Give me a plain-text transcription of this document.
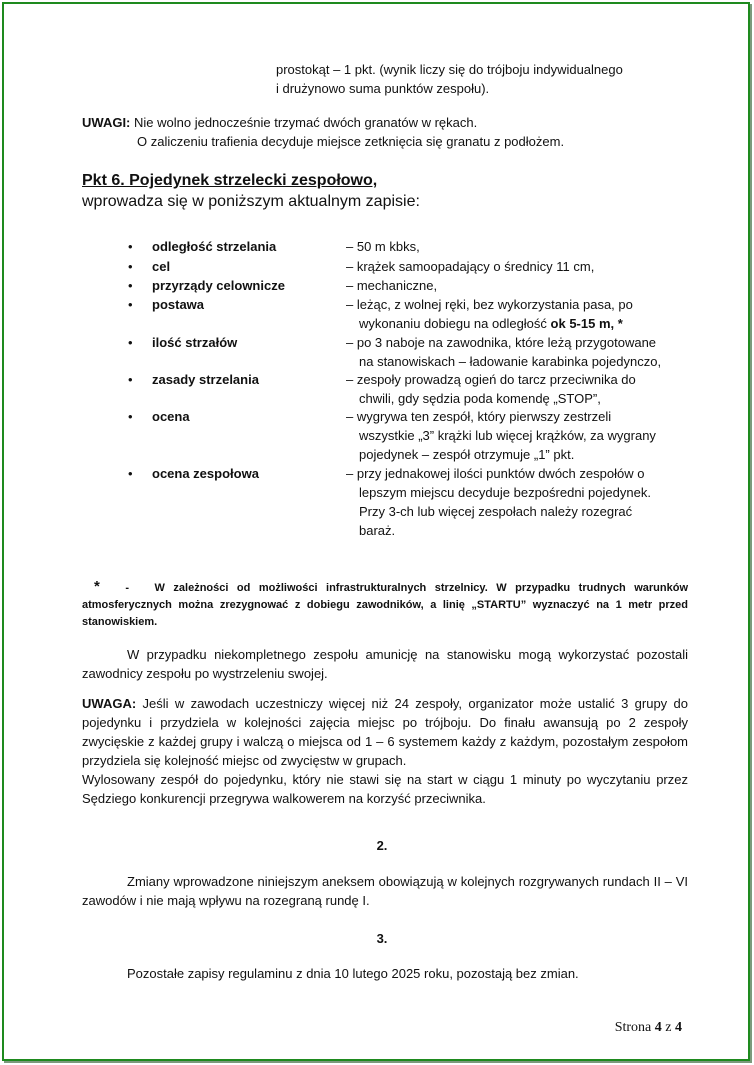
prostokąt – 1 pkt. (wynik liczy się do trójboju indywidualnego

i drużynowo suma punktów zespołu).

UWAGI: Nie wolno jednocześnie trzymać dwóch granatów w rękach.

O zaliczeniu trafienia decyduje miejsce zetknięcia się granatu z podłożem.

Pkt 6. Pojedynek strzelecki zespołowo,

wprowadza się w poniższym aktualnym zapisie:

• odległość strzelania	– 50 m kbks,
• cel	– krążek samoopadający o średnicy 11 cm,
• przyrządy celownicze	– mechaniczne,
• postawa	– leżąc, z wolnej ręki, bez wykorzystania pasa, po
wykonaniu dobiegu na odległość ok 5-15 m, *
• ilość strzałów	– po 3 naboje na zawodnika, które leżą przygotowane
na stanowiskach – ładowanie karabinka pojedynczo,
• zasady strzelania	– zespoły prowadzą ogień do tarcz przeciwnika do
chwili, gdy sędzia poda komendę „STOP”,
• ocena	– wygrywa ten zespół, który pierwszy zestrzeli
wszystkie „3” krążki lub więcej krążków, za wygrany
pojedynek – zespół otrzymuje „1” pkt.
• ocena zespołowa	– przy jednakowej ilości punktów dwóch zespołów o
lepszym miejscu decyduje bezpośredni pojedynek.
Przy 3-ch lub więcej zespołach należy rozegrać
baraż.

* - W zależności od możliwości infrastrukturalnych strzelnicy. W przypadku trudnych warunków atmosferycznych można zrezygnować z dobiegu zawodników, a linię „STARTU” wyznaczyć na 1 metr przed stanowiskiem.

W przypadku niekompletnego zespołu amunicję na stanowisku mogą wykorzystać pozostali zawodnicy zespołu po wystrzeleniu swojej.

UWAGA: Jeśli w zawodach uczestniczy więcej niż 24 zespoły, organizator może ustalić 3 grupy do pojedynku i przydziela w kolejności zajęcia miejsc po trójboju. Do finału awansują po 2 zespoły zwycięskie z każdej grupy i walczą o miejsca od 1 – 6 systemem każdy z każdym, pozostałym zespołom przydziela się kolejność miejsc od zwycięstw w grupach.

Wylosowany zespół do pojedynku, który nie stawi się na start w ciągu 1 minuty po wyczytaniu przez Sędziego konkurencji przegrywa walkowerem na korzyść przeciwnika.

2.

Zmiany wprowadzone niniejszym aneksem obowiązują w kolejnych rozgrywanych rundach II – VI zawodów i nie mają wpływu na rozegraną rundę I.

3.

Pozostałe zapisy regulaminu z dnia 10 lutego 2025 roku, pozostają bez zmian.

Strona 4 z 4
